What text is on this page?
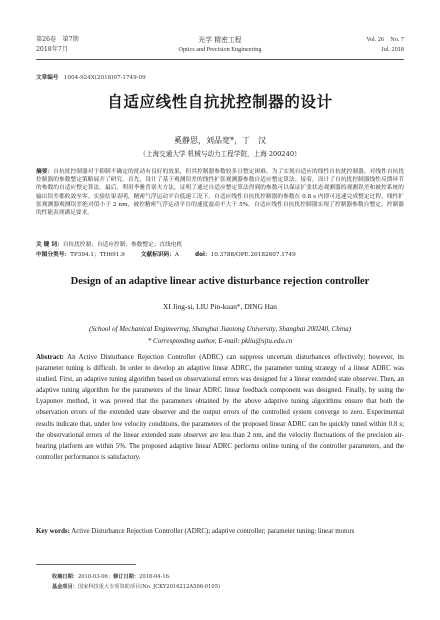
第26卷　第7期
2018年7月
光学 精密工程
Optics and Precision Engineering
Vol. 26　No. 7
Jul. 2018
文章编号　 1004-924X(2018)07-1749-09
自适应线性自抗扰控制器的设计
奚静思，刘品宽*，丁　汉
（上海交通大学 机械与动力工程学院，上海 200240）
摘要：自抗扰控制器对于抑制不确定的扰动有良好的效果，但其控制器参数较多且整定困难。为了实现自适应的线性自抗扰控制器，对线性自抗扰控制器的参数整定策略展开了研究。首先，设计了基于观测误差的线性扩张观测器参数自适应整定算法。接着，设计了自抗扰控制器线性反馈环节的参数的自适应整定算法。最后，利用李雅普诺夫方法，证明了通过自适应整定算法得到的参数可以保证扩张状态观测器的观测误差和被控系统的输出误差都收敛至零。实验结果表明，精密气浮运动平台低速工况下，自适应线性自抗扰控制器的参数在 0.8 s 内即可迅速完成整定过程，线性扩张观测器观测误差绝对值小于 2 nm，被控精密气浮运动平台的速度波动不大于 5%。自适应线性自抗扰控制器实现了控制器参数自整定，控制器的性能表现满足要求。
关 键 词：自抗扰控制；自适应控制；参数整定；直线电机
中图分类号：TP394.1；TH691.9	文献标识码：A	doi：10.3788/OPE.20182607.1749
Design of an adaptive linear active disturbance rejection controller
XI Jing-si, LIU Pin-kuan*, DING Han
(School of Mechanical Engineering, Shanghai Jiaotong University, Shanghai 200240, China)
* Corresponding author, E-mail: pkliu@sjtu.edu.cn
Abstract: An Active Disturbance Rejection Controller (ADRC) can suppress uncertain disturbances effectively; however, its parameter tuning is difficult. In order to develop an adaptive linear ADRC, the parameter tuning strategy of a linear ADRC was studied. First, an adaptive tuning algorithm based on observational errors was designed for a linear extended state observer. Then, an adaptive tuning algorithm for the parameters of the linear ADRC linear feedback component was designed. Finally, by using the Lyapunov method, it was proved that the parameters obtained by the above adaptive tuning algorithms ensure that both the observation errors of the extended state observer and the output errors of the controlled system converge to zero. Experimental results indicate that, under low velocity conditions, the parameters of the proposed linear ADRC can be quickly tuned within 0.8 s; the observational errors of the linear extended state observer are less than 2 nm, and the velocity fluctuations of the precision air-bearing platform are within 5%. The proposed adaptive linear ADRC performs online tuning of the controller parameters, and the controller performance is satisfactory.
Key words: Active Disturbance Rejection Controller (ADRC); adaptive controller; parameter tuning; linear motors
收稿日期：2018-03-06；修订日期：2018-04-16.
基金项目：国家科技重大专项资助项目(No. JCKY2016212A506-0105)
